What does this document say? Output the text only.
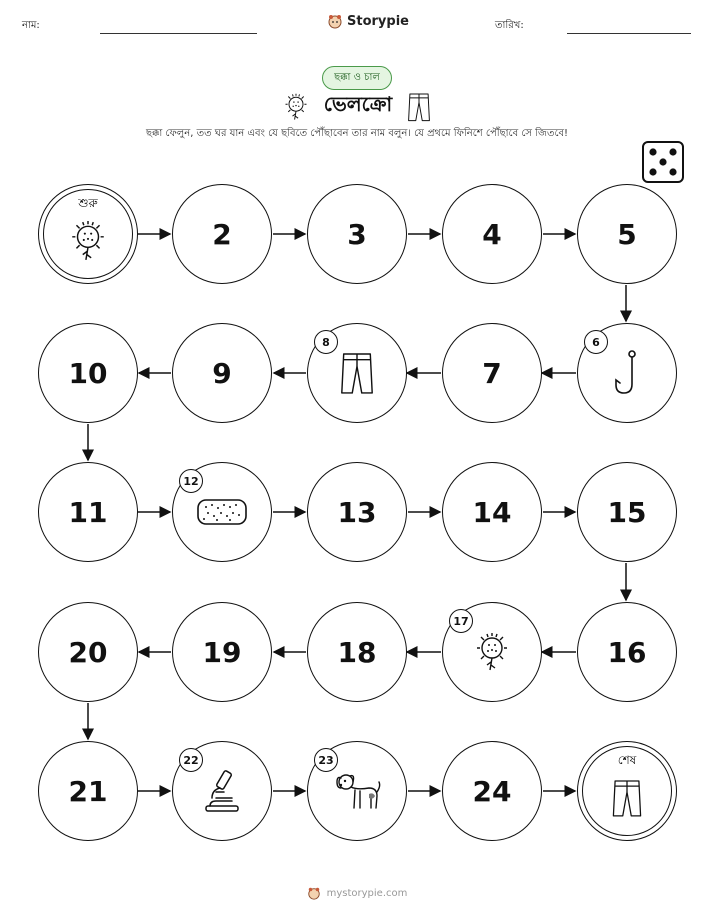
নাম:	Storypie	তারিখ:
ছক্কা ও চাল
ভেলক্রো
ছক্কা ফেলুন, তত ঘর যান এবং যে ছবিতে পৌঁছাবেন তার নাম বলুন। যে প্রথমে ফিনিশে পৌঁছাবে সে জিতবে!
শুরু
2	3	4	5
10	9
8
7
6
11
12
13	14	15
20	19	18
17
16
21
22	23
24
শেষ
mystorypie.com
